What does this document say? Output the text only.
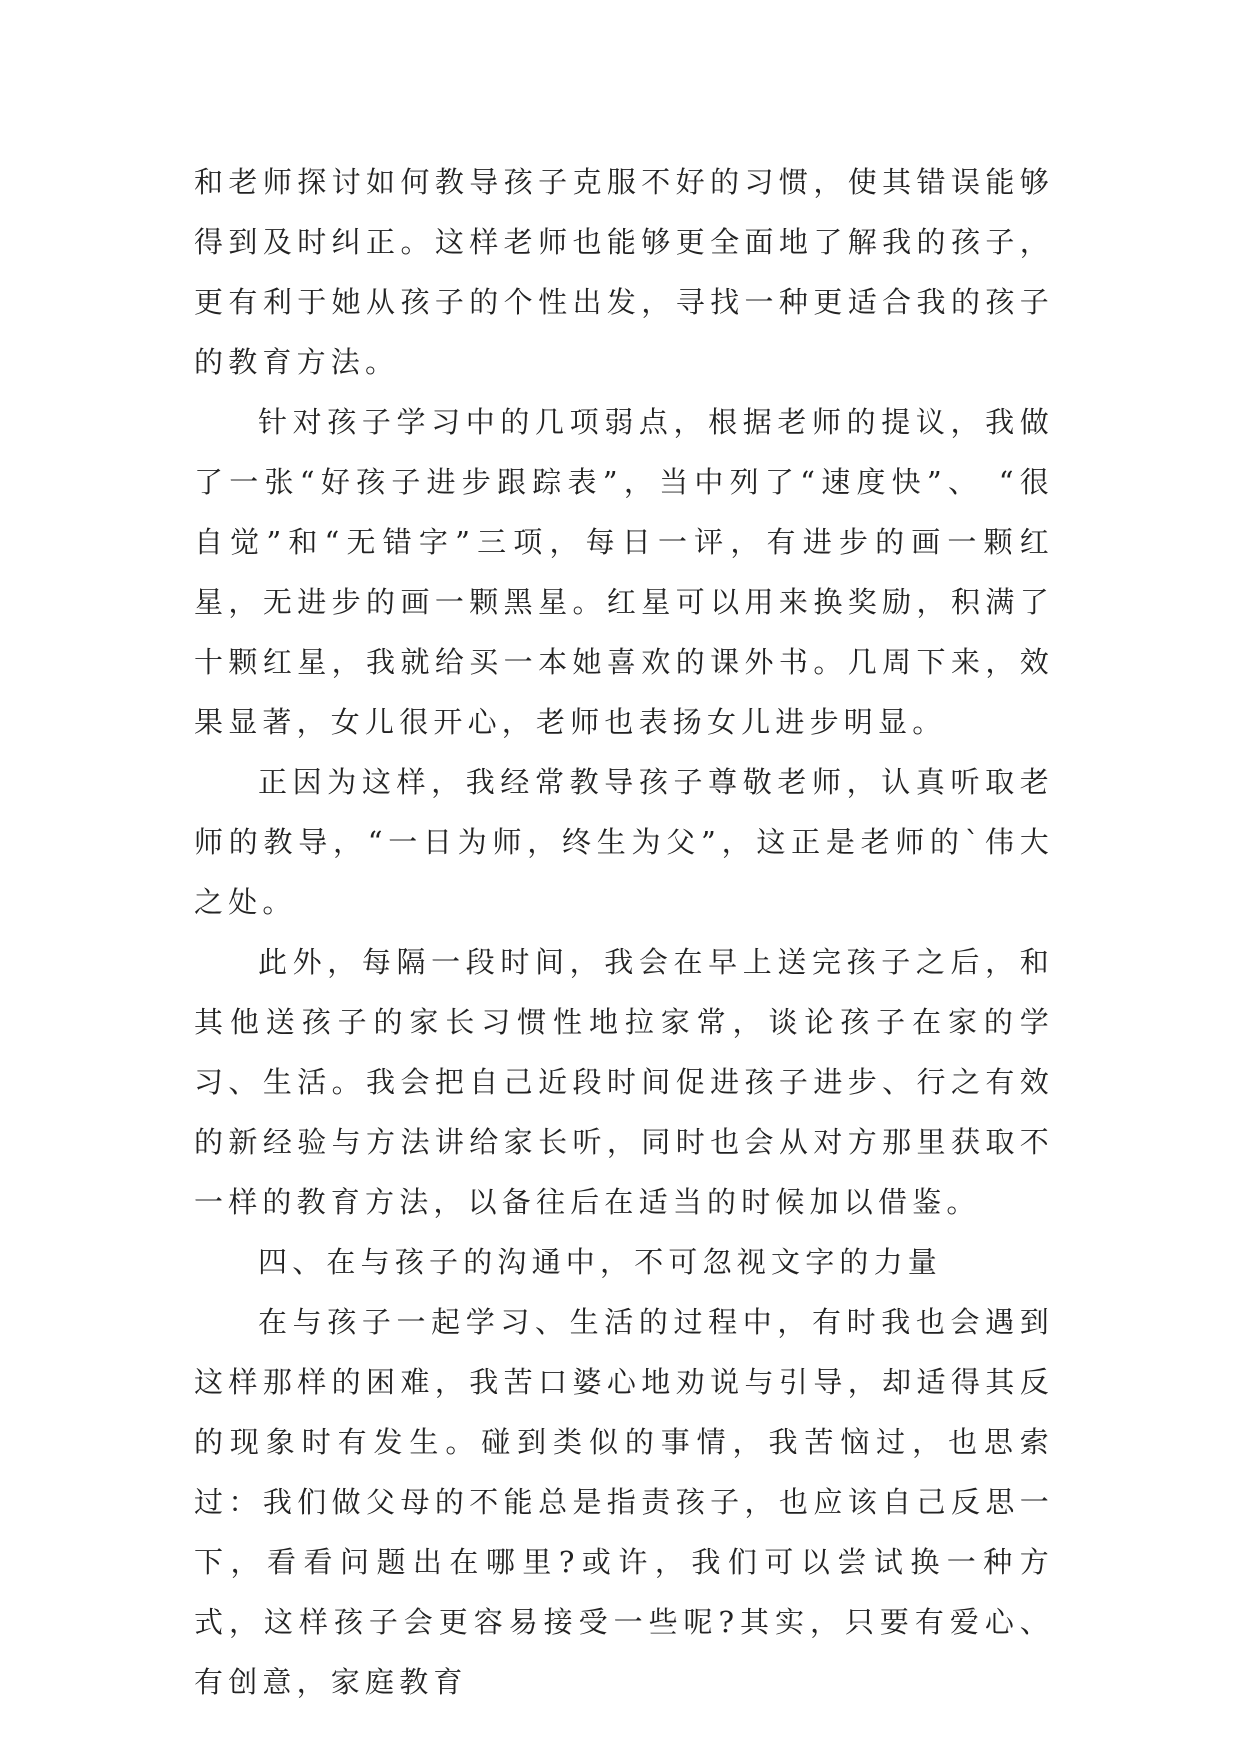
和老师探讨如何教导孩子克服不好的习惯，使其错误能够得到及时纠正。这样老师也能够更全面地了解我的孩子，更有利于她从孩子的个性出发，寻找一种更适合我的孩子的教育方法。

针对孩子学习中的几项弱点，根据老师的提议，我做了一张“好孩子进步跟踪表”，当中列了“速度快”、 “很自觉”和“无错字”三项，每日一评，有进步的画一颗红星，无进步的画一颗黑星。红星可以用来换奖励，积满了十颗红星，我就给买一本她喜欢的课外书。几周下来，效果显著，女儿很开心，老师也表扬女儿进步明显。

正因为这样，我经常教导孩子尊敬老师，认真听取老师的教导，“一日为师，终生为父”，这正是老师的`伟大之处。

此外，每隔一段时间，我会在早上送完孩子之后，和其他送孩子的家长习惯性地拉家常，谈论孩子在家的学习、生活。我会把自己近段时间促进孩子进步、行之有效的新经验与方法讲给家长听，同时也会从对方那里获取不一样的教育方法，以备往后在适当的时候加以借鉴。

四、在与孩子的沟通中，不可忽视文字的力量

在与孩子一起学习、生活的过程中，有时我也会遇到这样那样的困难，我苦口婆心地劝说与引导，却适得其反的现象时有发生。碰到类似的事情，我苦恼过，也思索过：我们做父母的不能总是指责孩子，也应该自己反思一下，看看问题出在哪里?或许，我们可以尝试换一种方式，这样孩子会更容易接受一些呢?其实，只要有爱心、有创意，家庭教育
